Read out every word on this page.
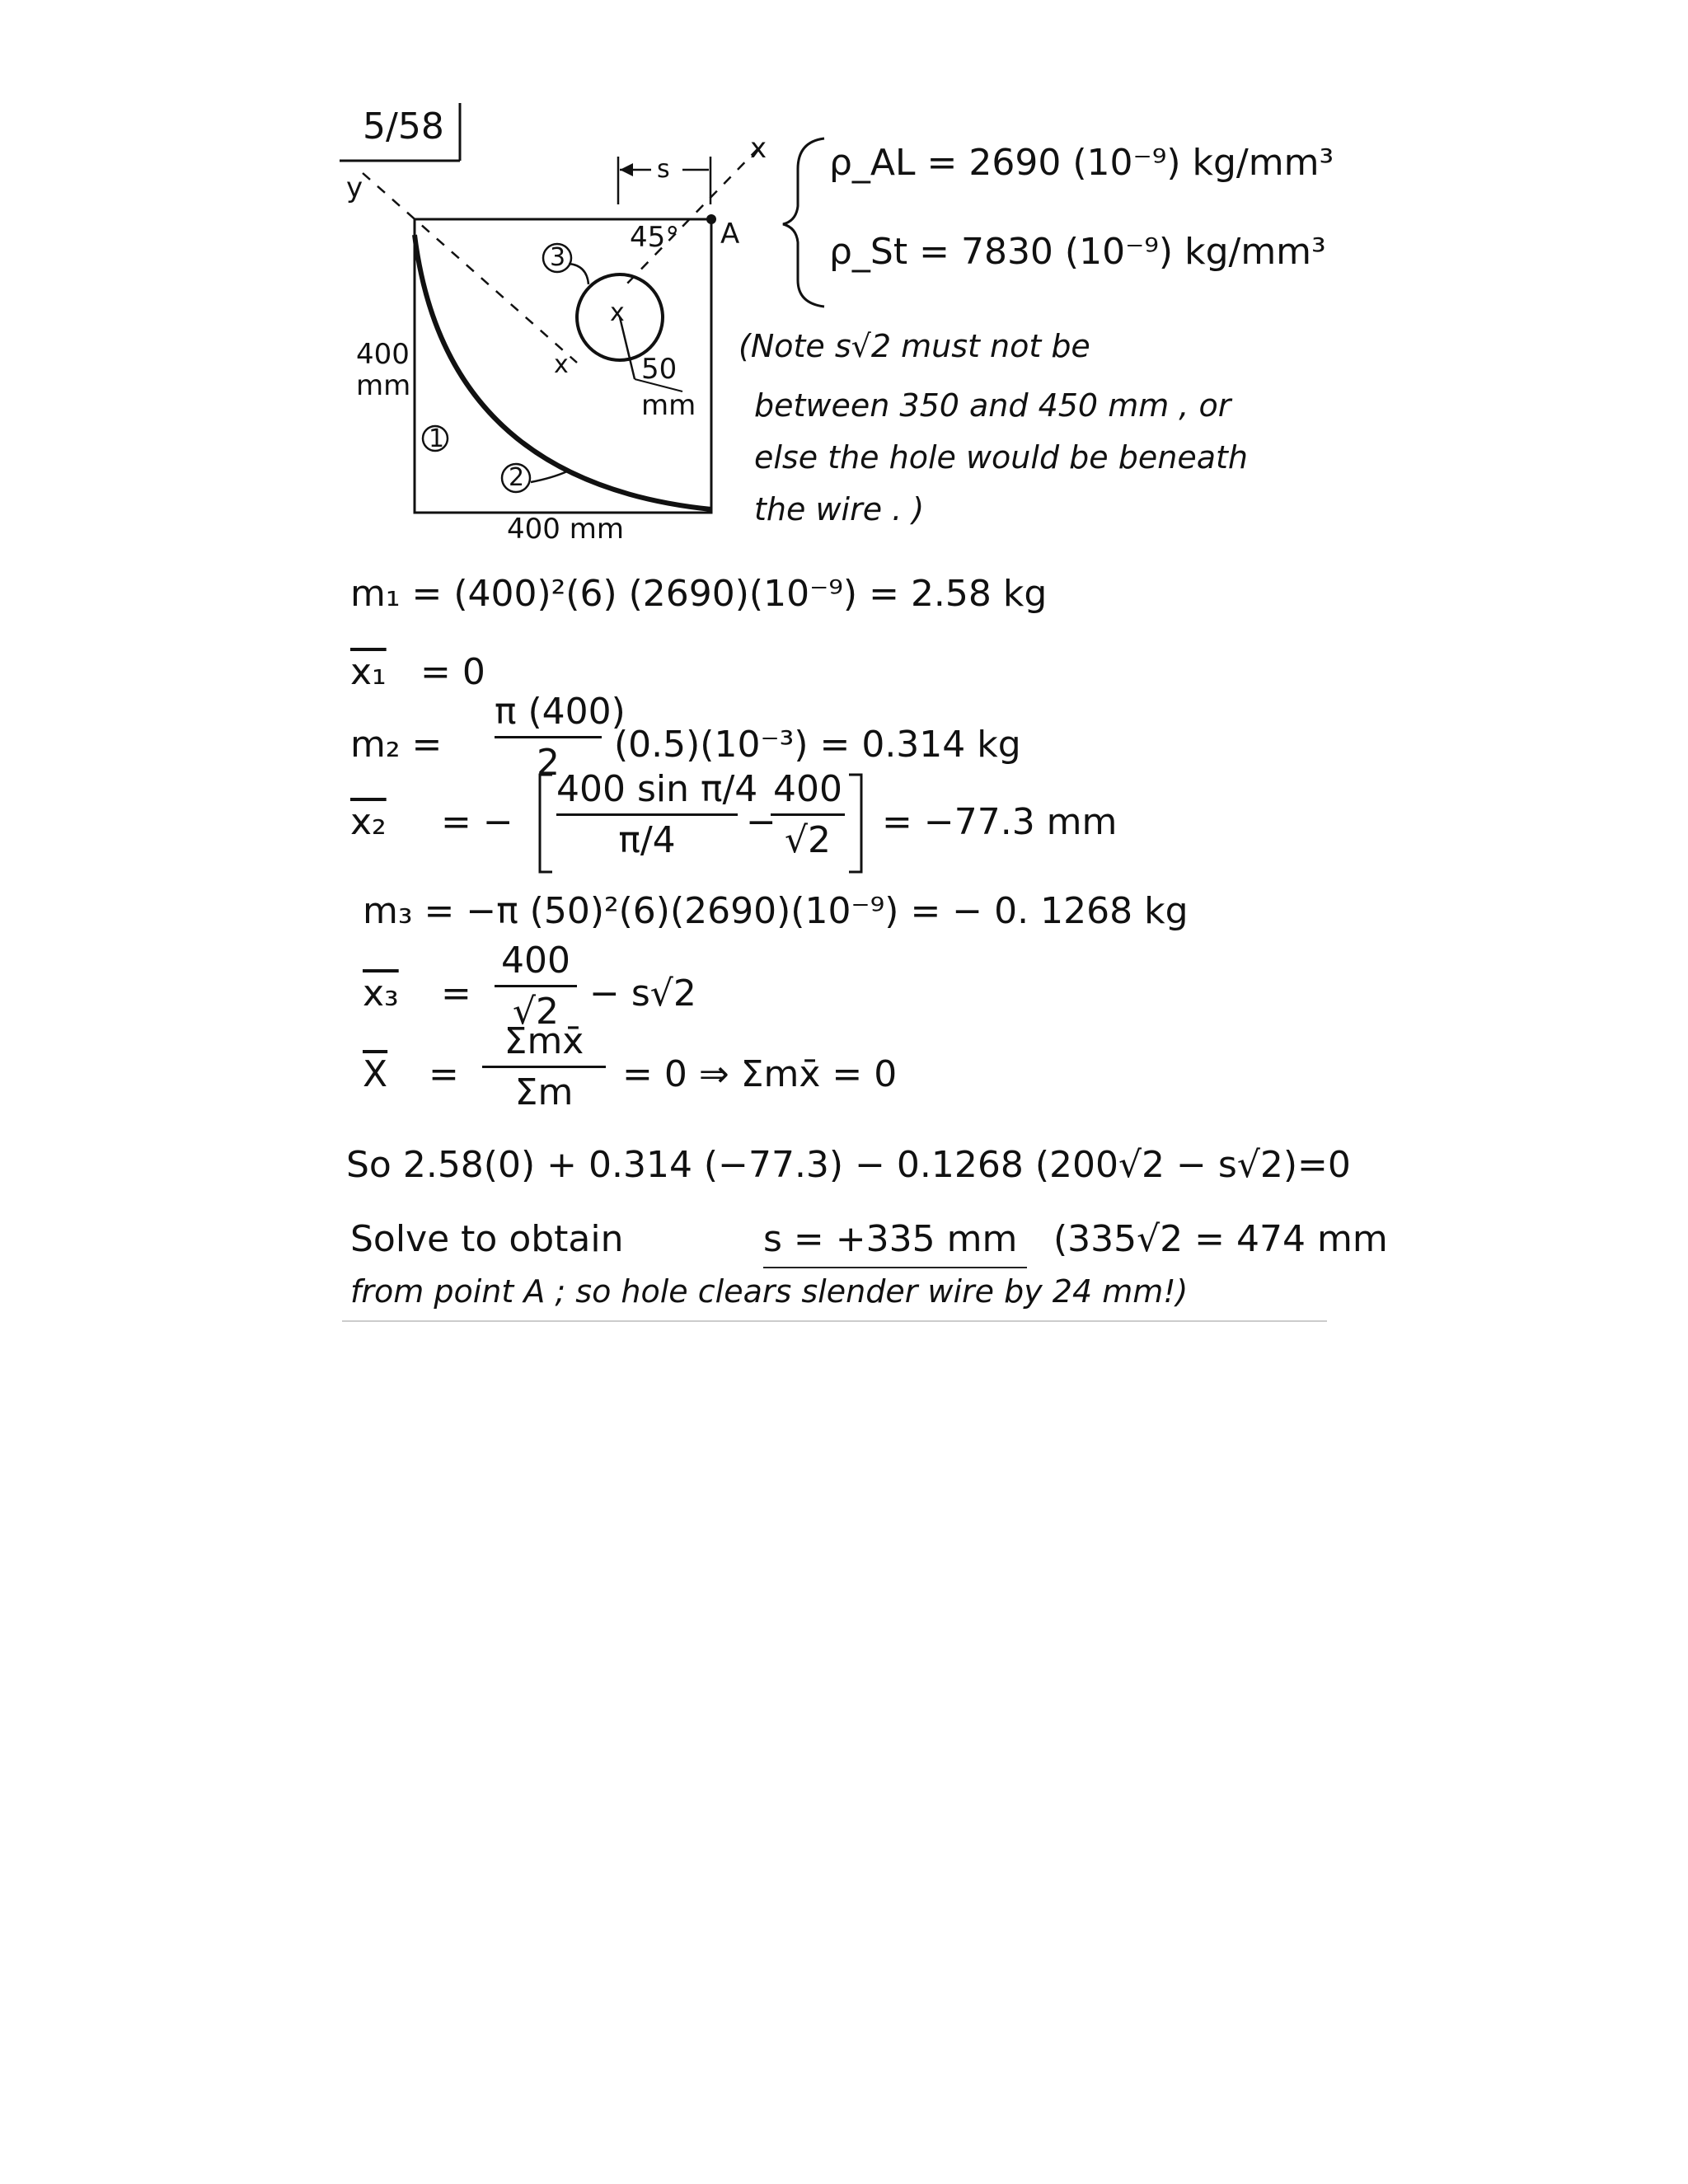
5/58
y
x
s
45° A
3
1
2
x
x
400
mm	50
mm
400 mm
ρ_AL = 2690 (10⁻⁹) kg/mm³
ρ_St = 7830 (10⁻⁹) kg/mm³
(Note s√2 must not be
between 350 and 450 mm , or
else the hole would be beneath
the wire . )
m₁ = (400)²(6) (2690)(10⁻⁹) = 2.58 kg
x₁ = 0
m₂ =
π (400)
2	(0.5)(10⁻³) = 0.314 kg
x₂ = −
400 sin π/4
π/4	−
400
√2	= −77.3 mm
m₃ = −π (50)²(6)(2690)(10⁻⁹) = − 0. 1268 kg
x₃ =
400
√2 − s√2
$\overline{X}$ =
Σmx̄
Σm	= 0 ⇒ Σmx̄ = 0
So 2.58(0) + 0.314 (−77.3) − 0.1268 (200√2 − s√2)=0
Solve to obtain	s = +335 mm (335√2 = 474 mm
from point A ; so hole clears slender wire by 24 mm!)
